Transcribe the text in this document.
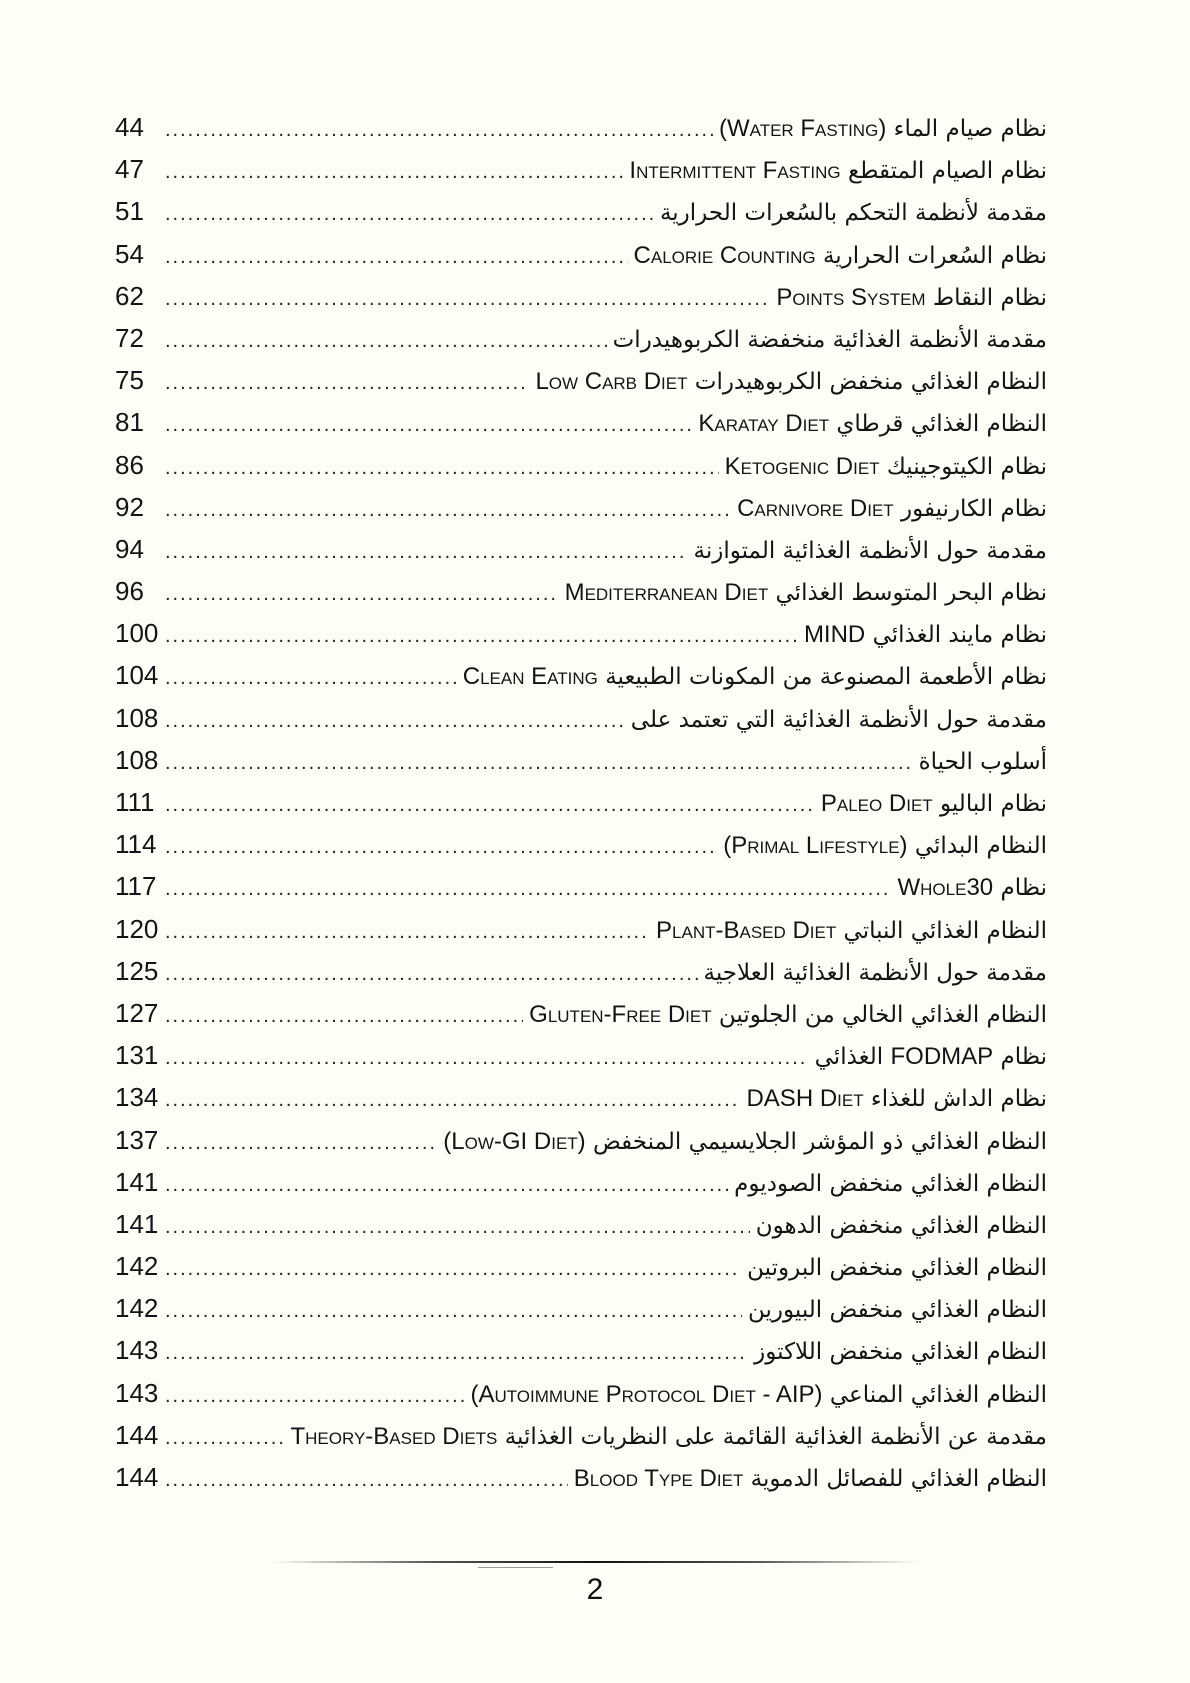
نظام صيام الماء (Water Fasting)
.....
44
نظام الصيام المتقطع Intermittent Fasting
.....
47
مقدمة لأنظمة التحكم بالسُعرات الحرارية
.....
51
نظام السُعرات الحرارية Calorie Counting
.....
54
نظام النقاط Points System
.....
62
مقدمة الأنظمة الغذائية منخفضة الكربوهيدرات
.....
72
النظام الغذائي منخفض الكربوهيدرات Low Carb Diet
.....
75
النظام الغذائي قرطاي Karatay Diet
.....
81
نظام الكيتوجينيك Ketogenic Diet
.....
86
نظام الكارنيفور Carnivore Diet
.....
92
مقدمة حول الأنظمة الغذائية المتوازنة
.....
94
نظام البحر المتوسط الغذائي Mediterranean Diet
.....
96
نظام مايند الغذائي MIND
.....
100
نظام الأطعمة المصنوعة من المكونات الطبيعية Clean Eating
.....
104
مقدمة حول الأنظمة الغذائية التي تعتمد على
.....
108
أسلوب الحياة
.....
108
نظام الباليو Paleo Diet
.....
111
النظام البدائي (Primal Lifestyle)
.....
114
نظام Whole30
.....
117
النظام الغذائي النباتي Plant-Based Diet
.....
120
مقدمة حول الأنظمة الغذائية العلاجية
.....
125
النظام الغذائي الخالي من الجلوتين Gluten-Free Diet
.....
127
نظام FODMAP الغذائي
.....
131
نظام الداش للغذاء DASH Diet
.....
134
النظام الغذائي ذو المؤشر الجلايسيمي المنخفض (Low-GI Diet)
.....
137
النظام الغذائي منخفض الصوديوم
.....
141
النظام الغذائي منخفض الدهون
.....
141
النظام الغذائي منخفض البروتين
.....
142
النظام الغذائي منخفض البيورين
.....
142
النظام الغذائي منخفض اللاكتوز
.....
143
النظام الغذائي المناعي (Autoimmune Protocol Diet - AIP)
.....
143
مقدمة عن الأنظمة الغذائية القائمة على النظريات الغذائية Theory-Based Diets
.....
144
النظام الغذائي للفصائل الدموية Blood Type Diet
.....
144
2
